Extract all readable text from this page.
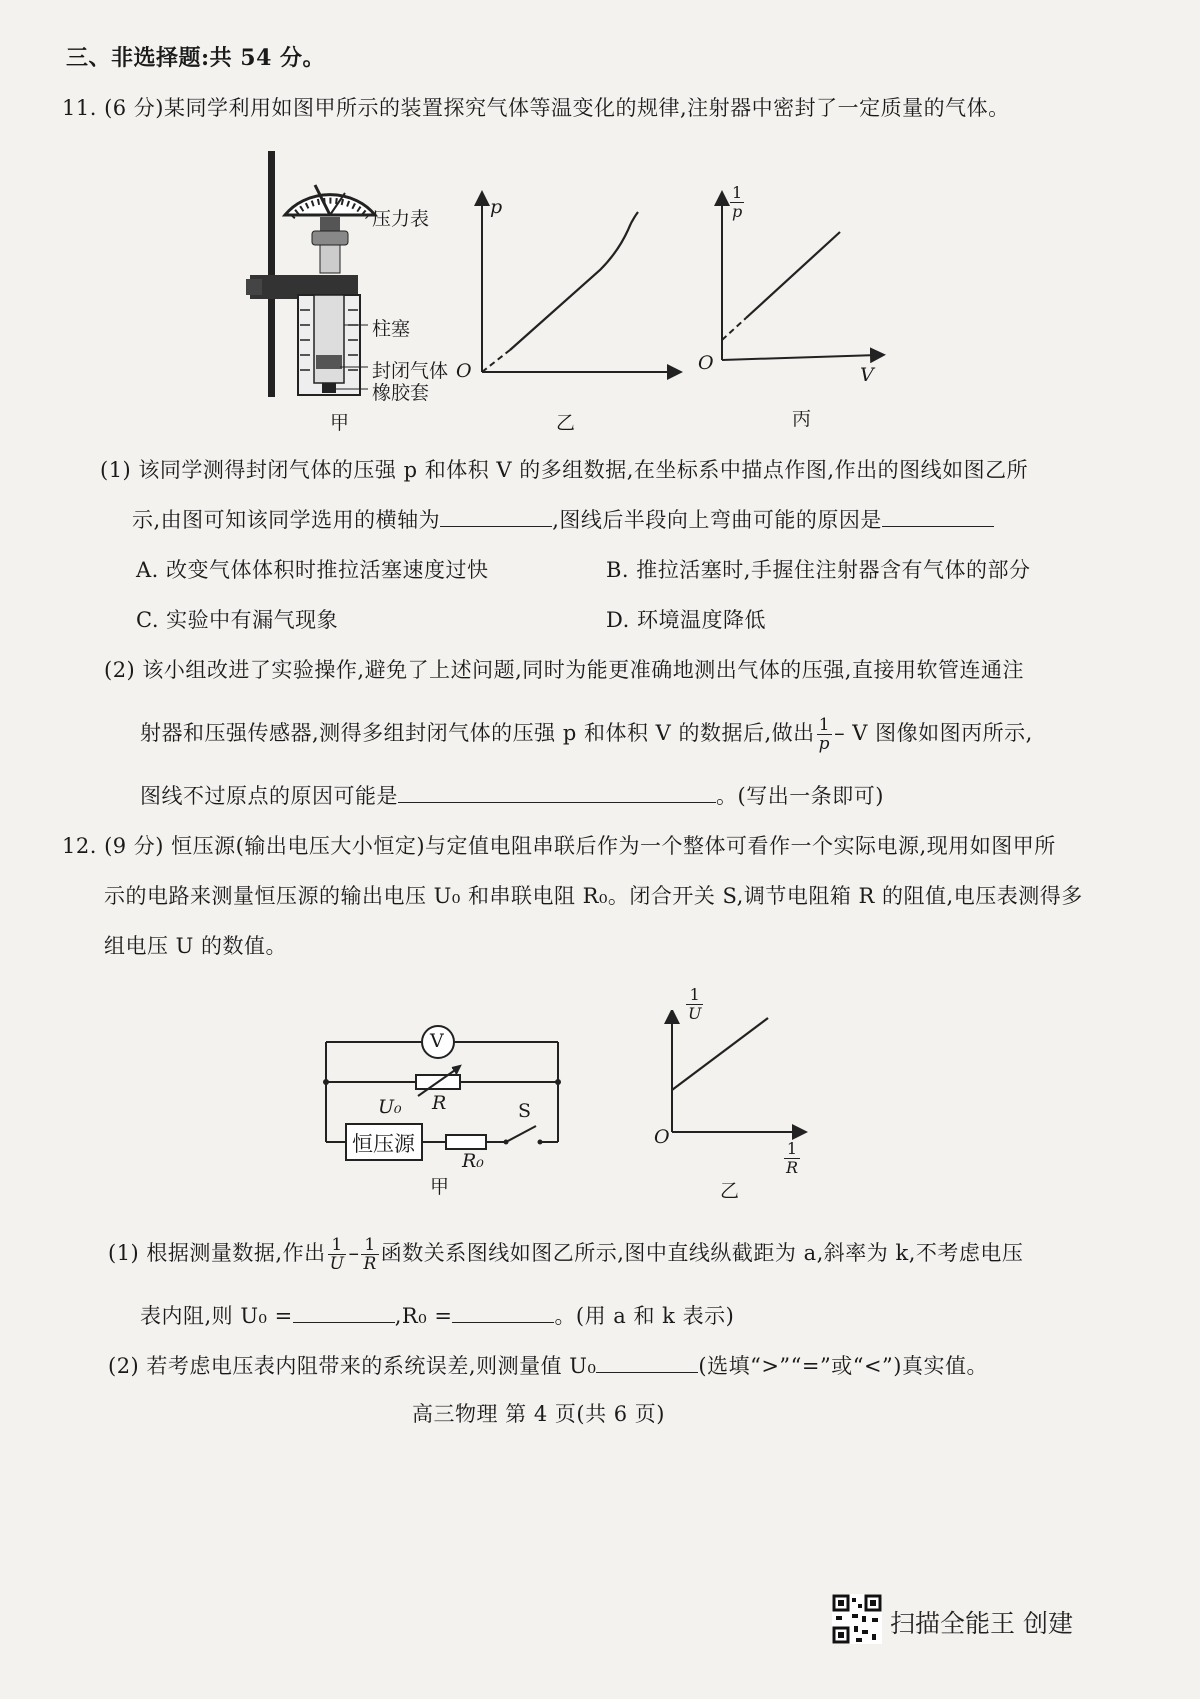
三、非选择题:共 54 分。
11. (6 分)某同学利用如图甲所示的装置探究气体等温变化的规律,注射器中密封了一定质量的气体。
压力表
柱塞
封闭气体
橡胶套
甲
p
O
乙
$\frac{1}{p}$
V
O
丙
(1) 该同学测得封闭气体的压强 p 和体积 V 的多组数据,在坐标系中描点作图,作出的图线如图乙所
示,由图可知该同学选用的横轴为	,图线后半段向上弯曲可能的原因是
A. 改变气体体积时推拉活塞速度过快	B. 推拉活塞时,手握住注射器含有气体的部分
C. 实验中有漏气现象	D. 环境温度降低
(2) 该小组改进了实验操作,避免了上述问题,同时为能更准确地测出气体的压强,直接用软管连通注
射器和压强传感器,测得多组封闭气体的压强 p 和体积 V 的数据后,做出 $\frac{1}{p}$ – V 图像如图丙所示,
图线不过原点的原因可能是	。(写出一条即可)
12. (9 分) 恒压源(输出电压大小恒定)与定值电阻串联后作为一个整体可看作一个实际电源,现用如图甲所
示的电路来测量恒压源的输出电压 U₀ 和串联电阻 R₀。闭合开关 S,调节电阻箱 R 的阻值,电压表测得多
组电压 U 的数值。
V
R
U₀
恒压源
R₀
S
甲
$\frac{1}{U}$
$\frac{1}{R}$
O
乙
(1) 根据测量数据,作出 $\frac{1}{U} - \frac{1}{R}$ 函数关系图线如图乙所示,图中直线纵截距为 a,斜率为 k,不考虑电压
表内阻,则 U₀ =	,R₀ =	。(用 a 和 k 表示)
(2) 若考虑电压表内阻带来的系统误差,则测量值 U₀	(选填“>”“=”或“<”)真实值。
高三物理 第 4 页(共 6 页)
扫描全能王 创建
